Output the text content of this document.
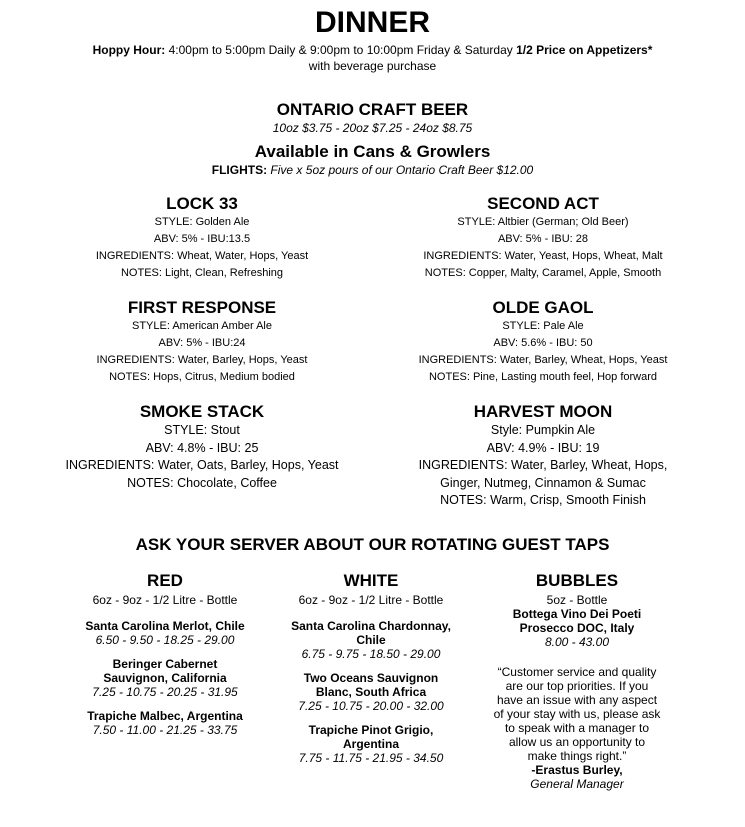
DINNER
Hoppy Hour: 4:00pm to 5:00pm Daily & 9:00pm to 10:00pm Friday & Saturday 1/2 Price on Appetizers*
with beverage purchase
ONTARIO CRAFT BEER
10oz $3.75 - 20oz $7.25 - 24oz $8.75
Available in Cans & Growlers
FLIGHTS: Five x 5oz pours of our Ontario Craft Beer $12.00
LOCK 33
STYLE: Golden Ale
ABV: 5% - IBU:13.5
INGREDIENTS: Wheat, Water, Hops, Yeast
NOTES: Light, Clean, Refreshing
SECOND ACT
STYLE: Altbier (German; Old Beer)
ABV: 5% - IBU: 28
INGREDIENTS: Water, Yeast, Hops, Wheat, Malt
NOTES: Copper, Malty, Caramel, Apple, Smooth
FIRST RESPONSE
STYLE: American Amber Ale
ABV: 5% - IBU:24
INGREDIENTS: Water, Barley, Hops, Yeast
NOTES: Hops, Citrus, Medium bodied
OLDE GAOL
STYLE: Pale Ale
ABV: 5.6% - IBU: 50
INGREDIENTS: Water, Barley, Wheat, Hops, Yeast
NOTES: Pine, Lasting mouth feel, Hop forward
SMOKE STACK
STYLE: Stout
ABV: 4.8% - IBU: 25
INGREDIENTS: Water, Oats, Barley, Hops, Yeast
NOTES: Chocolate, Coffee
HARVEST MOON
Style: Pumpkin Ale
ABV: 4.9% - IBU: 19
INGREDIENTS: Water, Barley, Wheat, Hops,
Ginger, Nutmeg, Cinnamon & Sumac
NOTES: Warm, Crisp, Smooth Finish
ASK YOUR SERVER ABOUT OUR ROTATING GUEST TAPS
RED
6oz - 9oz - 1/2 Litre - Bottle
Santa Carolina Merlot, Chile
6.50 - 9.50 - 18.25 - 29.00
Beringer Cabernet
Sauvignon, California
7.25 - 10.75 - 20.25 - 31.95
Trapiche Malbec, Argentina
7.50 - 11.00 - 21.25 - 33.75
WHITE
6oz - 9oz - 1/2 Litre - Bottle
Santa Carolina Chardonnay,
Chile
6.75 - 9.75 - 18.50 - 29.00
Two Oceans Sauvignon
Blanc, South Africa
7.25 - 10.75 - 20.00 - 32.00
Trapiche Pinot Grigio,
Argentina
7.75 - 11.75 - 21.95 - 34.50
BUBBLES
5oz - Bottle
Bottega Vino Dei Poeti
Prosecco DOC, Italy
8.00 - 43.00
“Customer service and quality
are our top priorities. If you
have an issue with any aspect
of your stay with us, please ask
to speak with a manager to
allow us an opportunity to
make things right.”
-Erastus Burley,
General Manager
